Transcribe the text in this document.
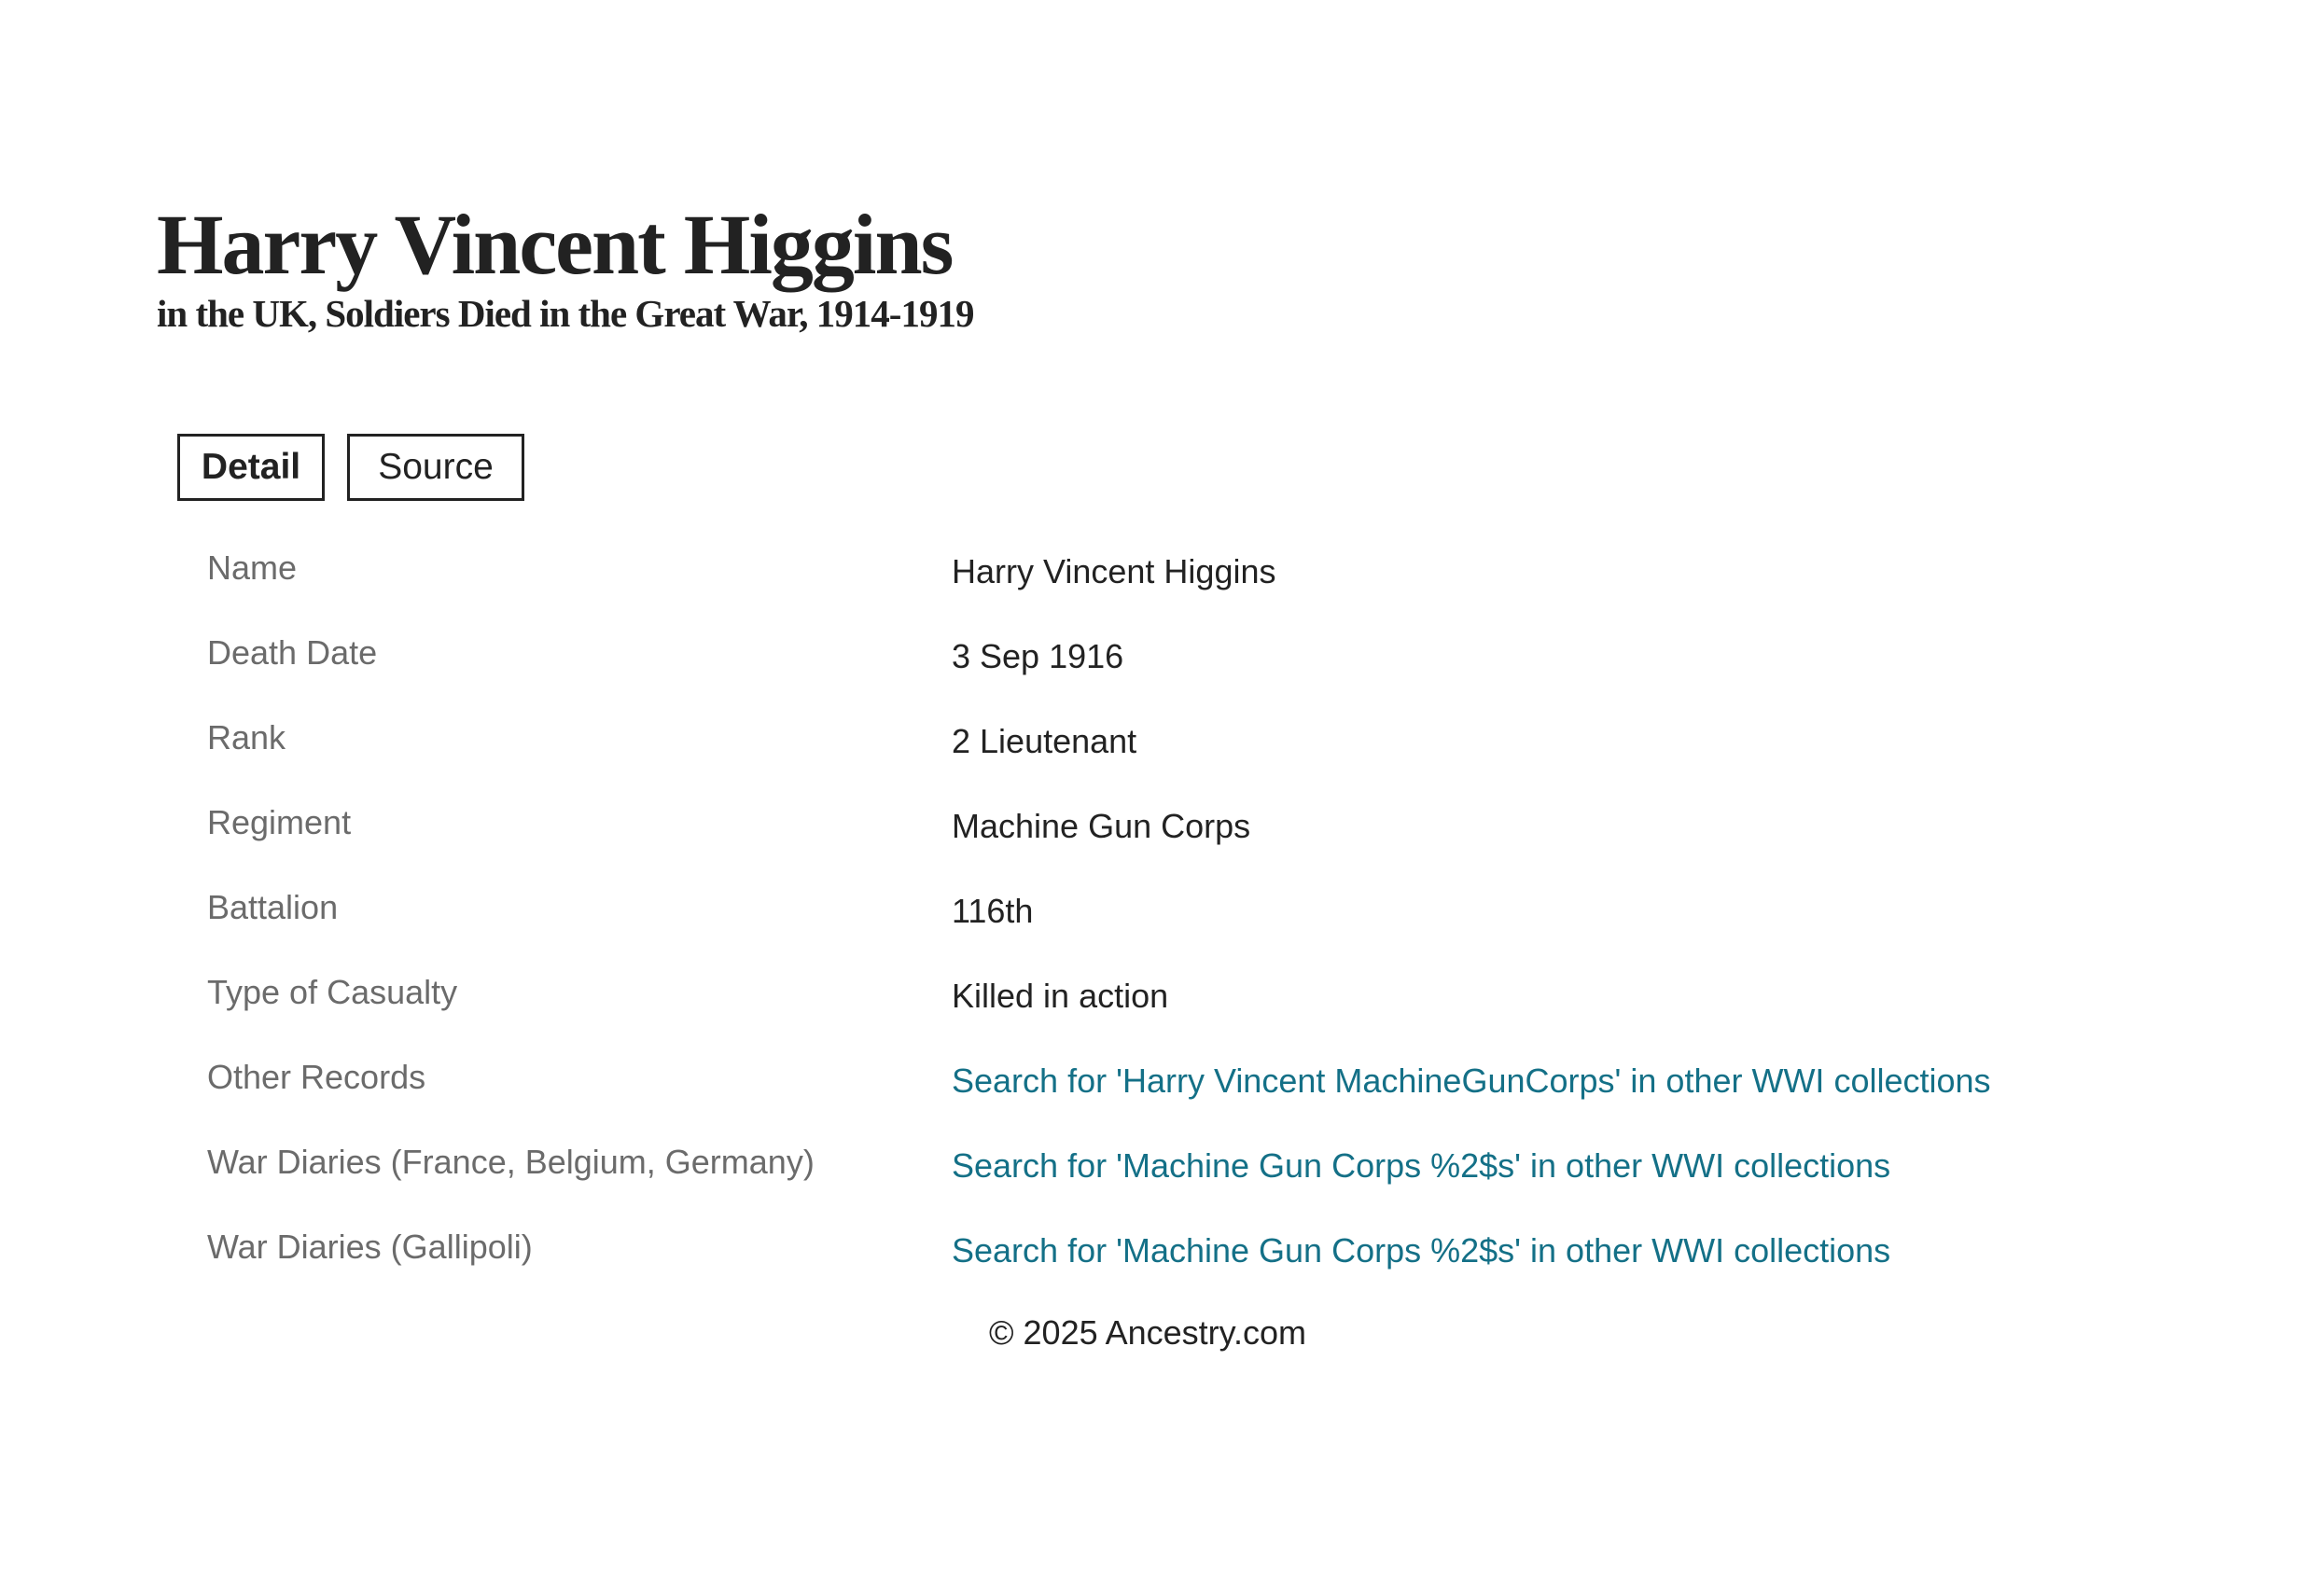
Harry Vincent Higgins
in the UK, Soldiers Died in the Great War, 1914-1919
Detail	Source
Name	Harry Vincent Higgins
Death Date	3 Sep 1916
Rank	2 Lieutenant
Regiment	Machine Gun Corps
Battalion	116th
Type of Casualty	Killed in action
Other Records	Search for 'Harry Vincent MachineGunCorps' in other WWI collections
War Diaries (France, Belgium, Germany)	Search for 'Machine Gun Corps %2$s' in other WWI collections
War Diaries (Gallipoli)	Search for 'Machine Gun Corps %2$s' in other WWI collections
© 2025 Ancestry.com
